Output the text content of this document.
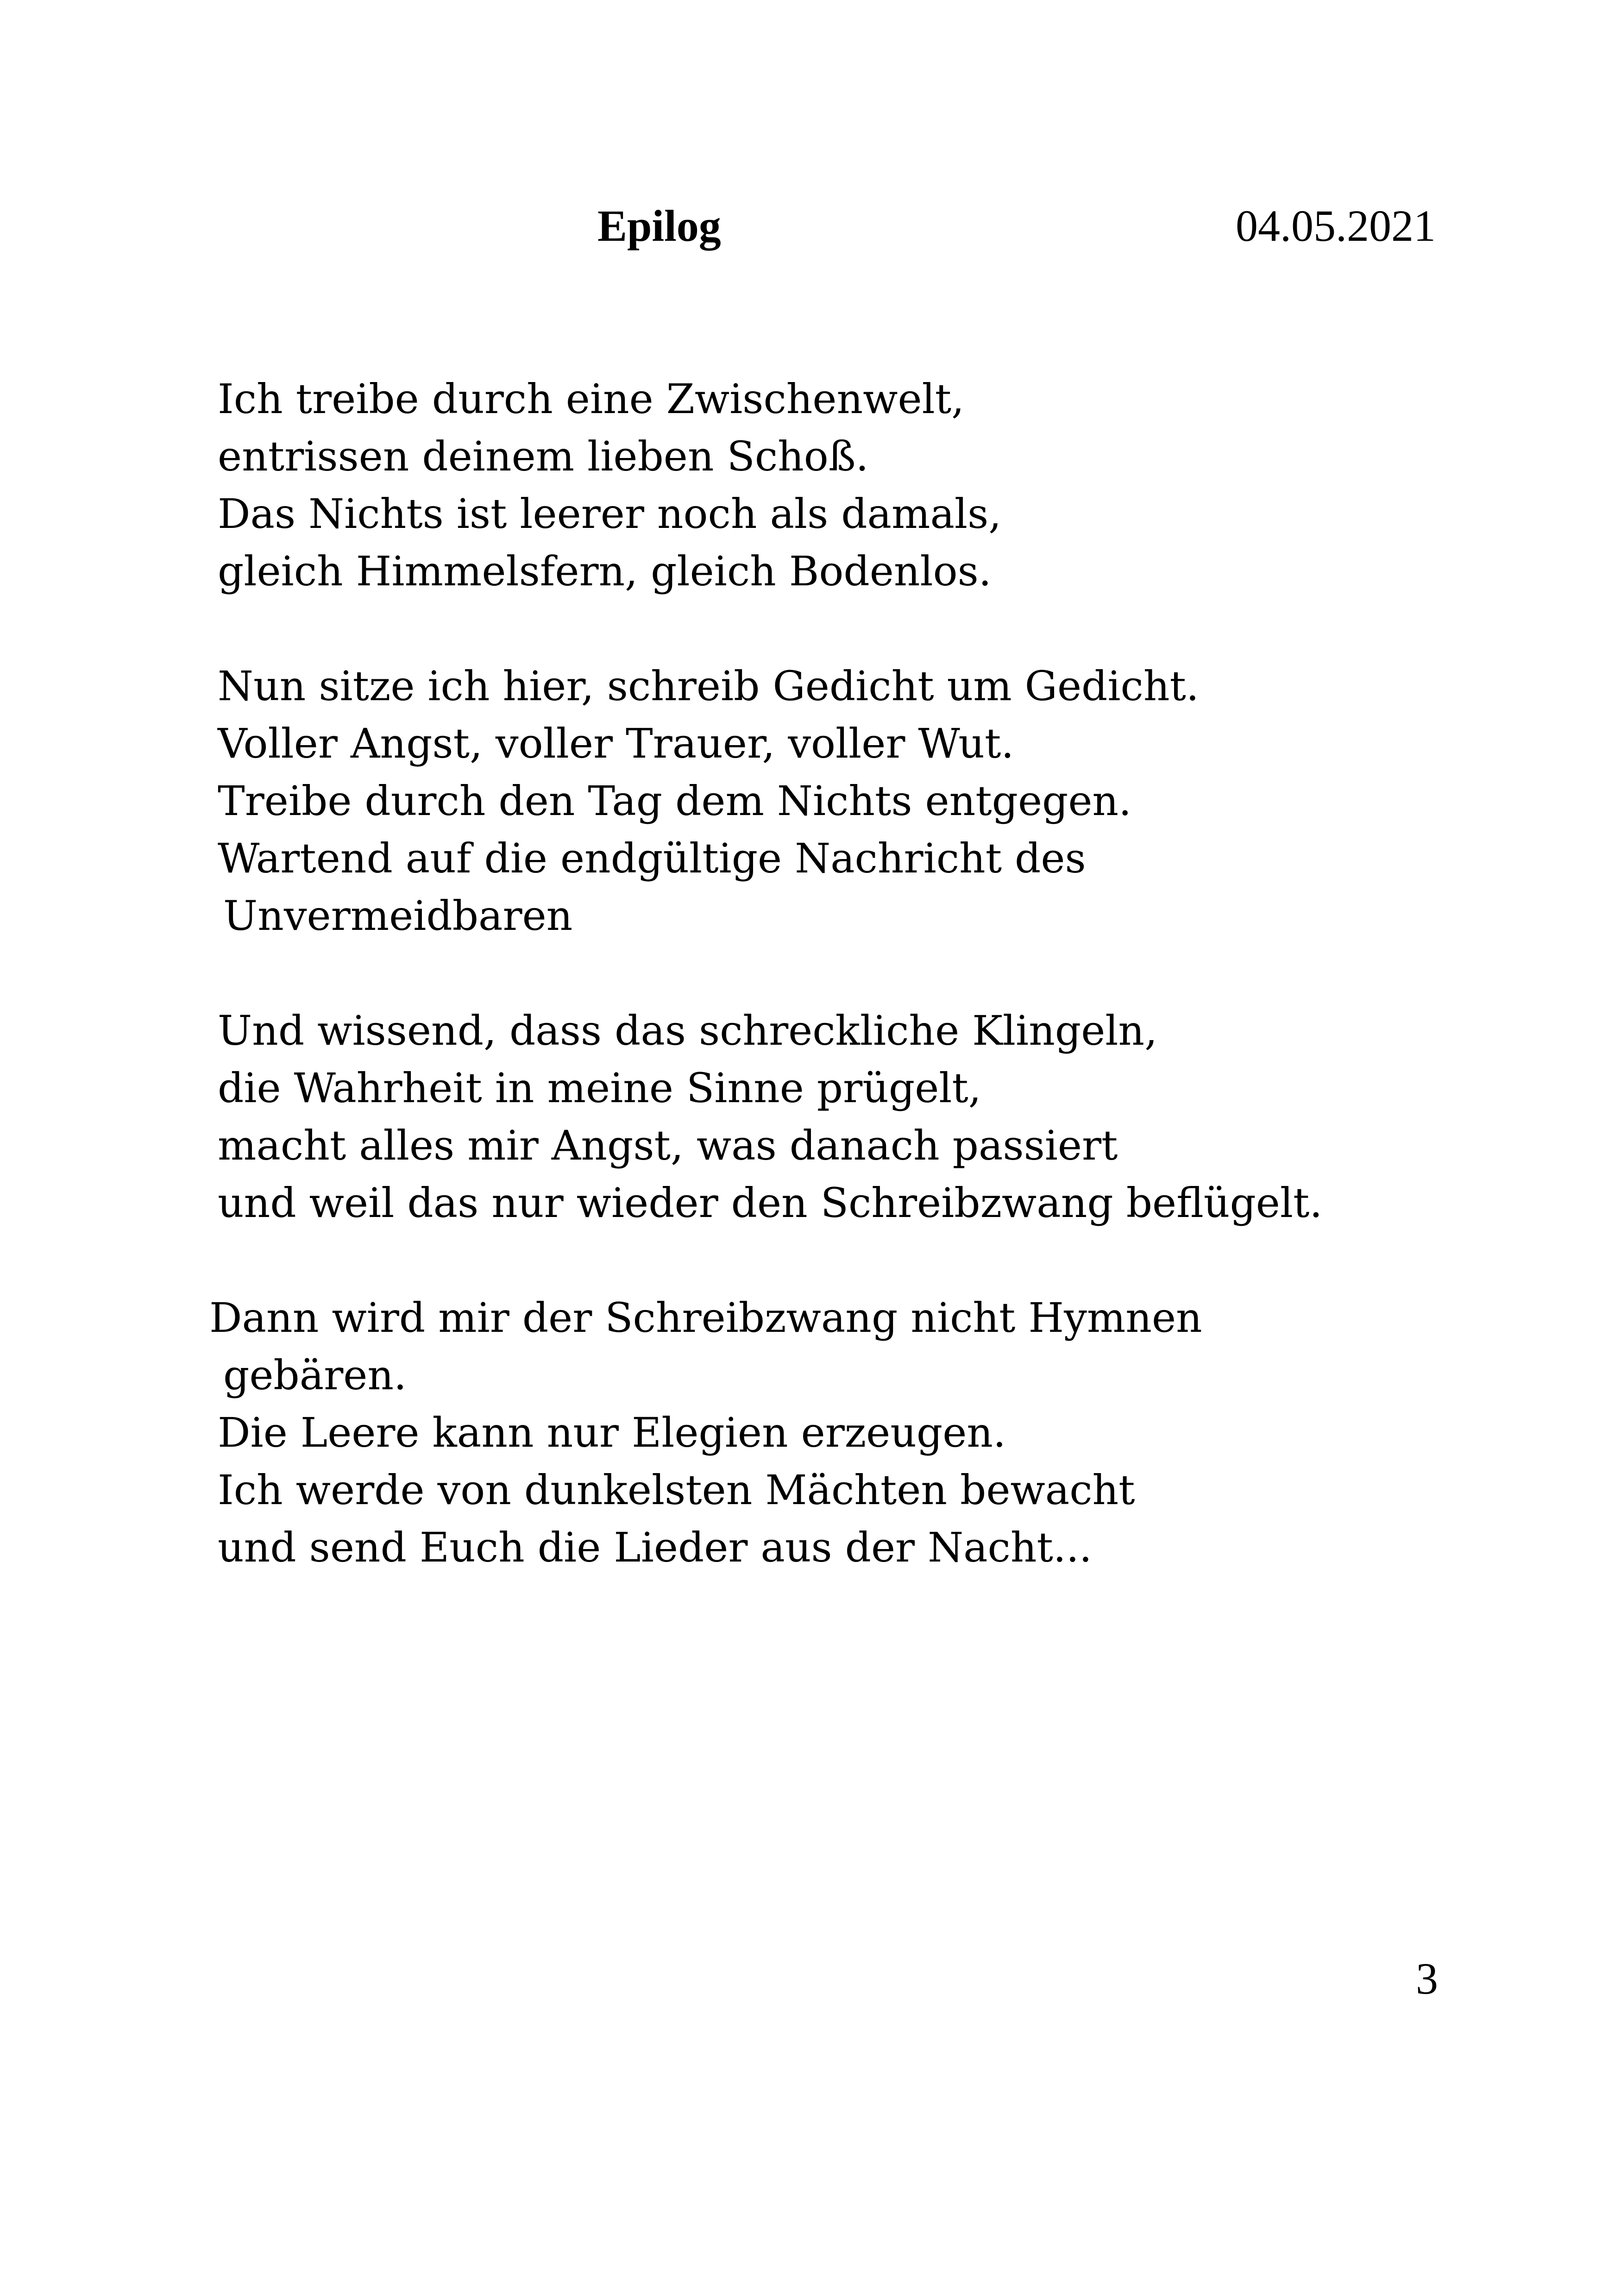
Epilog	04.05.2021
Ich treibe durch eine Zwischenwelt,
entrissen deinem lieben Schoß.
Das Nichts ist leerer noch als damals,
gleich Himmelsfern, gleich Bodenlos.
Nun sitze ich hier, schreib Gedicht um Gedicht.
Voller Angst, voller Trauer, voller Wut.
Treibe durch den Tag dem Nichts entgegen.
Wartend auf die endgültige Nachricht des
Unvermeidbaren
Und wissend, dass das schreckliche Klingeln,
die Wahrheit in meine Sinne prügelt,
macht alles mir Angst, was danach passiert
und weil das nur wieder den Schreibzwang beflügelt.
Dann wird mir der Schreibzwang nicht Hymnen
gebären.
Die Leere kann nur Elegien erzeugen.
Ich werde von dunkelsten Mächten bewacht
und send Euch die Lieder aus der Nacht...
3
